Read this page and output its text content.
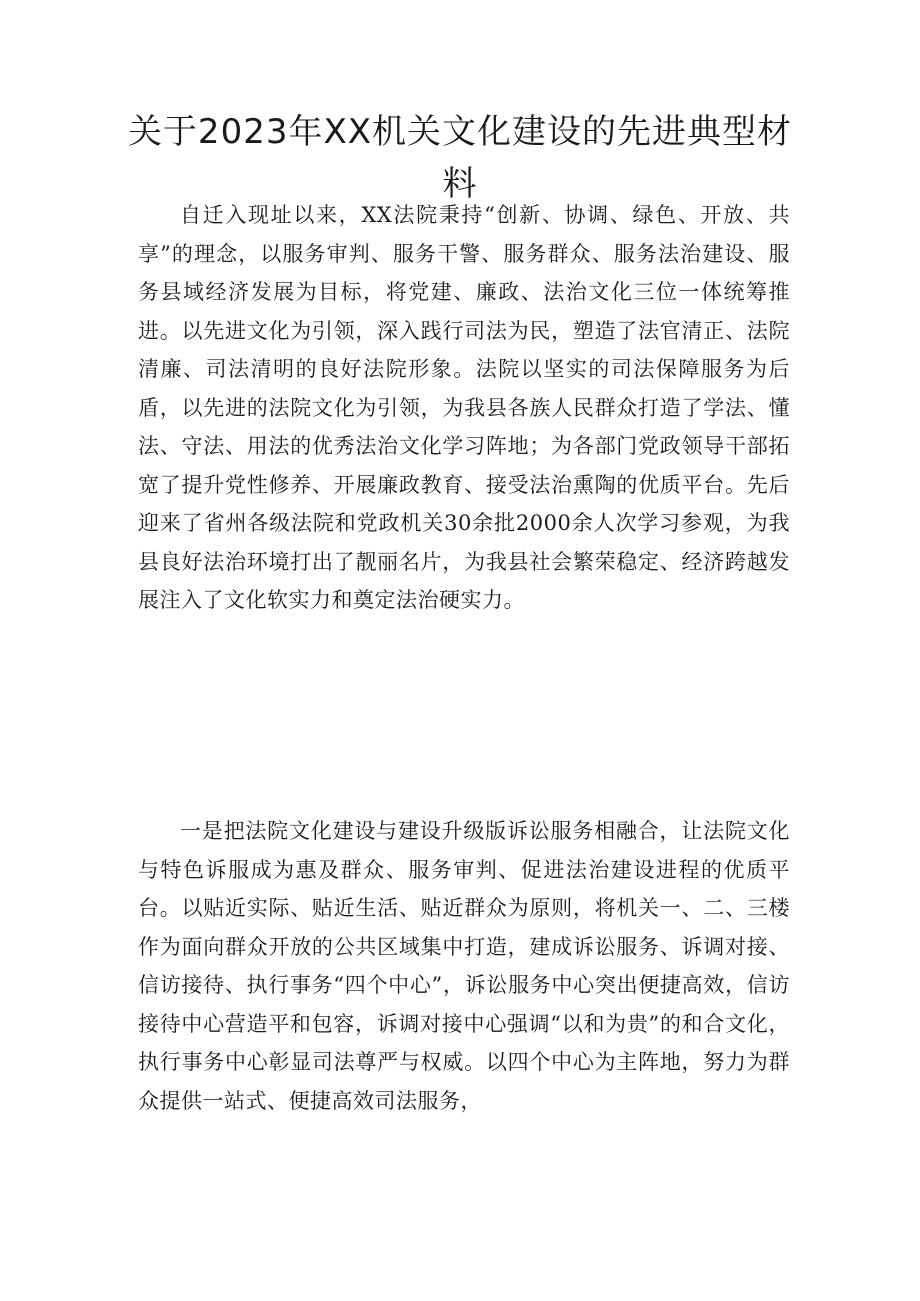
关于2023年XX机关文化建设的先进典型材料
自迁入现址以来，XX法院秉持“创新、协调、绿色、开放、共享”的理念，以服务审判、服务干警、服务群众、服务法治建设、服务县域经济发展为目标，将党建、廉政、法治文化三位一体统筹推进。以先进文化为引领，深入践行司法为民，塑造了法官清正、法院清廉、司法清明的良好法院形象。法院以坚实的司法保障服务为后盾，以先进的法院文化为引领，为我县各族人民群众打造了学法、懂法、守法、用法的优秀法治文化学习阵地；为各部门党政领导干部拓宽了提升党性修养、开展廉政教育、接受法治熏陶的优质平台。先后迎来了省州各级法院和党政机关30余批2000余人次学习参观，为我县良好法治环境打出了靓丽名片，为我县社会繁荣稳定、经济跨越发展注入了文化软实力和奠定法治硬实力。
一是把法院文化建设与建设升级版诉讼服务相融合，让法院文化与特色诉服成为惠及群众、服务审判、促进法治建设进程的优质平台。以贴近实际、贴近生活、贴近群众为原则，将机关一、二、三楼作为面向群众开放的公共区域集中打造，建成诉讼服务、诉调对接、信访接待、执行事务“四个中心”，诉讼服务中心突出便捷高效，信访接待中心营造平和包容，诉调对接中心强调“以和为贵”的和合文化，执行事务中心彰显司法尊严与权威。以四个中心为主阵地，努力为群众提供一站式、便捷高效司法服务，
